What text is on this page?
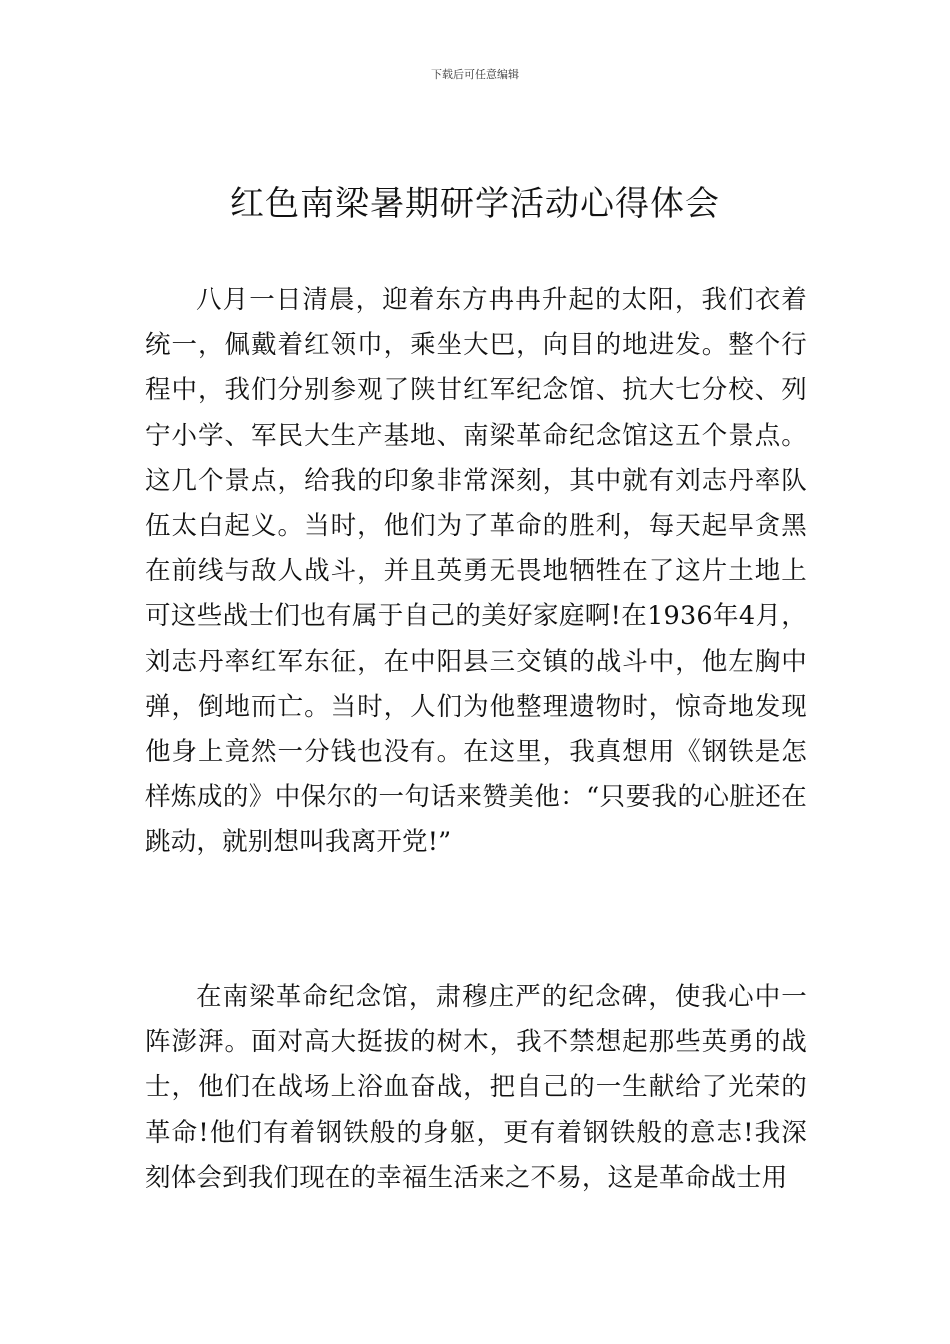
下载后可任意编辑
红色南梁暑期研学活动心得体会

八月一日清晨，迎着东方冉冉升起的太阳，我们衣着统一，佩戴着红领巾，乘坐大巴，向目的地进发。整个行程中，我们分别参观了陕甘红军纪念馆、抗大七分校、列宁小学、军民大生产基地、南梁革命纪念馆这五个景点。这几个景点，给我的印象非常深刻，其中就有刘志丹率队伍太白起义。当时，他们为了革命的胜利，每天起早贪黑在前线与敌人战斗，并且英勇无畏地牺牲在了这片土地上可这些战士们也有属于自己的美好家庭啊!在1936年4月，刘志丹率红军东征，在中阳县三交镇的战斗中，他左胸中弹，倒地而亡。当时，人们为他整理遗物时，惊奇地发现他身上竟然一分钱也没有。在这里，我真想用《钢铁是怎样炼成的》中保尔的一句话来赞美他：“只要我的心脏还在跳动，就别想叫我离开党!”

在南梁革命纪念馆，肃穆庄严的纪念碑，使我心中一阵澎湃。面对高大挺拔的树木，我不禁想起那些英勇的战士，他们在战场上浴血奋战，把自己的一生献给了光荣的革命!他们有着钢铁般的身躯，更有着钢铁般的意志!我深刻体会到我们现在的幸福生活来之不易，这是革命战士用
